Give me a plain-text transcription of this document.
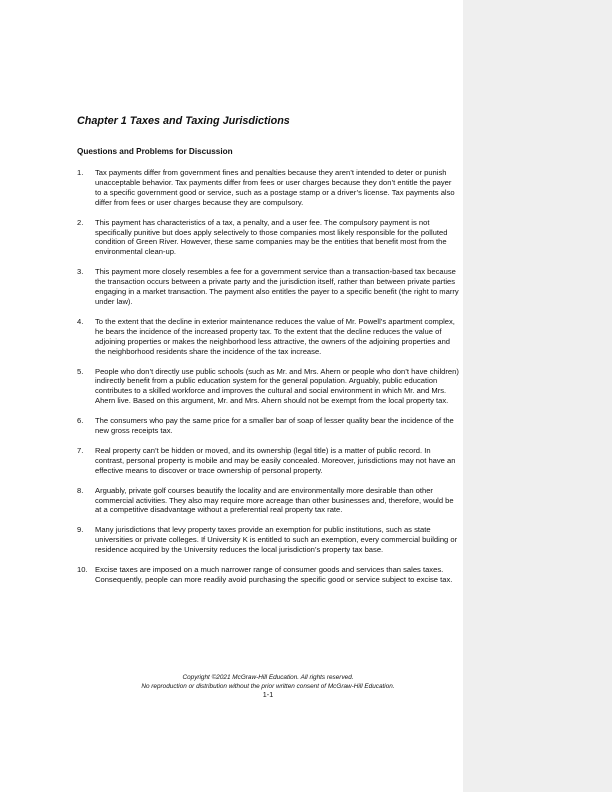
Chapter 1 Taxes and Taxing Jurisdictions
Questions and Problems for Discussion
1. Tax payments differ from government fines and penalties because they aren’t intended to deter or punish unacceptable behavior. Tax payments differ from fees or user charges because they don’t entitle the payer to a specific government good or service, such as a postage stamp or a driver’s license. Tax payments also differ from fees or user charges because they are compulsory.
2. This payment has characteristics of a tax, a penalty, and a user fee. The compulsory payment is not specifically punitive but does apply selectively to those companies most likely responsible for the polluted condition of Green River. However, these same companies may be the entities that benefit most from the environmental clean-up.
3. This payment more closely resembles a fee for a government service than a transaction-based tax because the transaction occurs between a private party and the jurisdiction itself, rather than between private parties engaging in a market transaction. The payment also entitles the payer to a specific benefit (the right to marry under law).
4. To the extent that the decline in exterior maintenance reduces the value of Mr. Powell’s apartment complex, he bears the incidence of the increased property tax. To the extent that the decline reduces the value of adjoining properties or makes the neighborhood less attractive, the owners of the adjoining properties and the neighborhood residents share the incidence of the tax increase.
5. People who don’t directly use public schools (such as Mr. and Mrs. Ahern or people who don’t have children) indirectly benefit from a public education system for the general population. Arguably, public education contributes to a skilled workforce and improves the cultural and social environment in which Mr. and Mrs. Ahern live. Based on this argument, Mr. and Mrs. Ahern should not be exempt from the local property tax.
6. The consumers who pay the same price for a smaller bar of soap of lesser quality bear the incidence of the new gross receipts tax.
7. Real property can’t be hidden or moved, and its ownership (legal title) is a matter of public record. In contrast, personal property is mobile and may be easily concealed. Moreover, jurisdictions may not have an effective means to discover or trace ownership of personal property.
8. Arguably, private golf courses beautify the locality and are environmentally more desirable than other commercial activities. They also may require more acreage than other businesses and, therefore, would be at a competitive disadvantage without a preferential real property tax rate.
9. Many jurisdictions that levy property taxes provide an exemption for public institutions, such as state universities or private colleges. If University K is entitled to such an exemption, every commercial building or residence acquired by the University reduces the local jurisdiction’s property tax base.
10. Excise taxes are imposed on a much narrower range of consumer goods and services than sales taxes. Consequently, people can more readily avoid purchasing the specific good or service subject to excise tax.
Copyright ©2021 McGraw-Hill Education. All rights reserved.
No reproduction or distribution without the prior written consent of McGraw-Hill Education.
1-1
